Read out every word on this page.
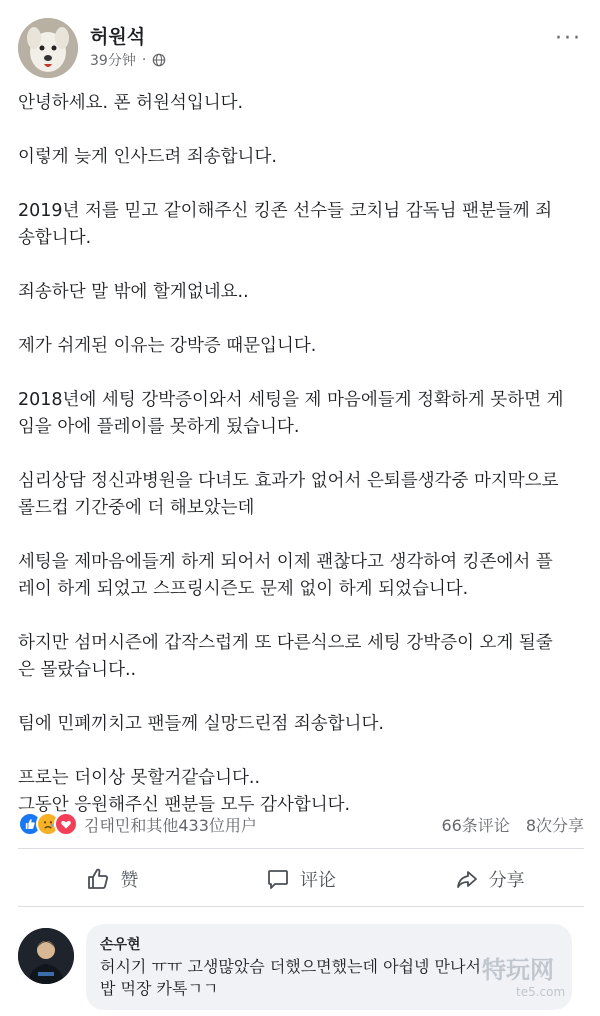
허원석
39分钟 ·
···

안녕하세요. 폰 허원석입니다.

이렇게 늦게 인사드려 죄송합니다.

2019년 저를 믿고 같이해주신 킹존 선수들 코치님 감독님 팬분들께 죄
송합니다.

죄송하단 말 밖에 할게없네요..

제가 쉬게된 이유는 강박증 때문입니다.

2018년에 세팅 강박증이와서 세팅을 제 마음에들게 정확하게 못하면 게
임을 아에 플레이를 못하게 됬습니다.

심리상담 정신과병원을 다녀도 효과가 없어서 은퇴를생각중 마지막으로
롤드컵 기간중에 더 해보았는데

세팅을 제마음에들게 하게 되어서 이제 괜찮다고 생각하여 킹존에서 플
레이 하게 되었고 스프링시즌도 문제 없이 하게 되었습니다.

하지만 섬머시즌에 갑작스럽게 또 다른식으로 세팅 강박증이 오게 될줄
은 몰랐습니다..

팀에 민폐끼치고 팬들께 실망드린점 죄송합니다.

프로는 더이상 못할거같습니다..
그동안 응원해주신 팬분들 모두 감사합니다.

김태민和其他433位用户	66条评论 8次分享
赞	评论	分享
손우현
허시기 ㅠㅠ 고생많았슴 더했으면했는데 아쉽넹 만나서
밥 먹장 카톡ㄱㄱ
特玩网
te5.com
